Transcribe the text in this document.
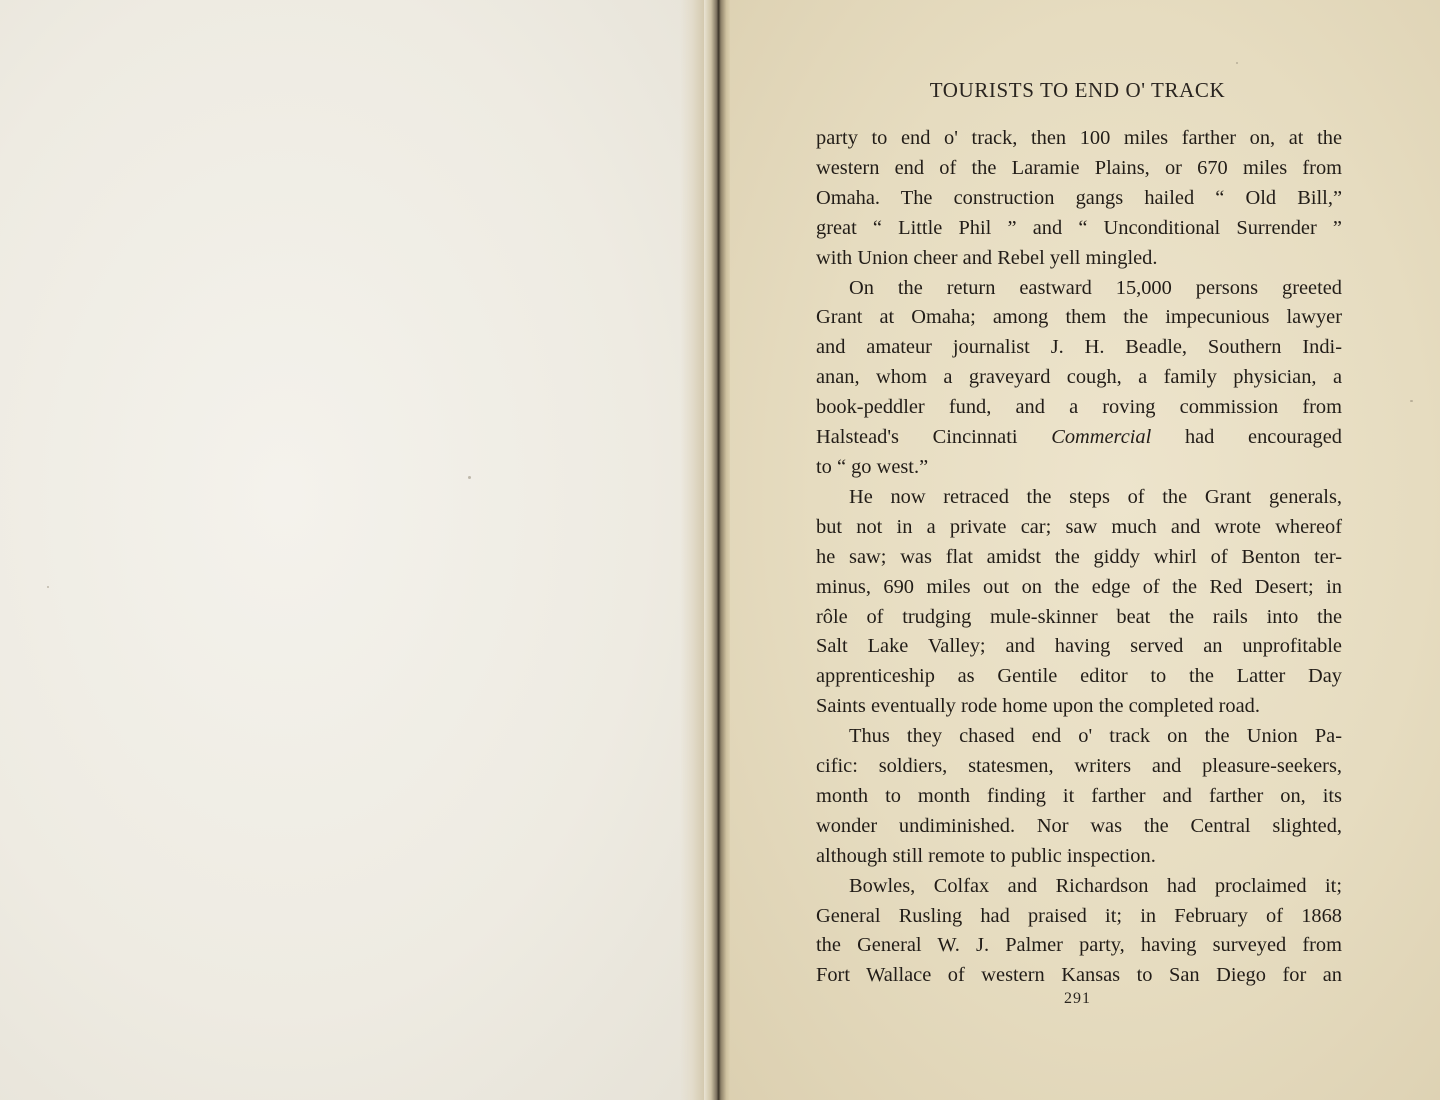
TOURISTS TO END O' TRACK

party to end o' track, then 100 miles farther on, at the
western end of the Laramie Plains, or 670 miles from
Omaha. The construction gangs hailed “ Old Bill,”
great “ Little Phil ” and “ Unconditional Surrender ”
with Union cheer and Rebel yell mingled.

On the return eastward 15,000 persons greeted
Grant at Omaha; among them the impecunious lawyer
and amateur journalist J. H. Beadle, Southern Indi-
anan, whom a graveyard cough, a family physician, a
book-peddler fund, and a roving commission from
Halstead's Cincinnati Commercial had encouraged
to “ go west.”

He now retraced the steps of the Grant generals,
but not in a private car; saw much and wrote whereof
he saw; was flat amidst the giddy whirl of Benton ter-
minus, 690 miles out on the edge of the Red Desert; in
rôle of trudging mule-skinner beat the rails into the
Salt Lake Valley; and having served an unprofitable
apprenticeship as Gentile editor to the Latter Day
Saints eventually rode home upon the completed road.

Thus they chased end o' track on the Union Pa-
cific: soldiers, statesmen, writers and pleasure-seekers,
month to month finding it farther and farther on, its
wonder undiminished. Nor was the Central slighted,
although still remote to public inspection.

Bowles, Colfax and Richardson had proclaimed it;
General Rusling had praised it; in February of 1868
the General W. J. Palmer party, having surveyed from
Fort Wallace of western Kansas to San Diego for an

291
